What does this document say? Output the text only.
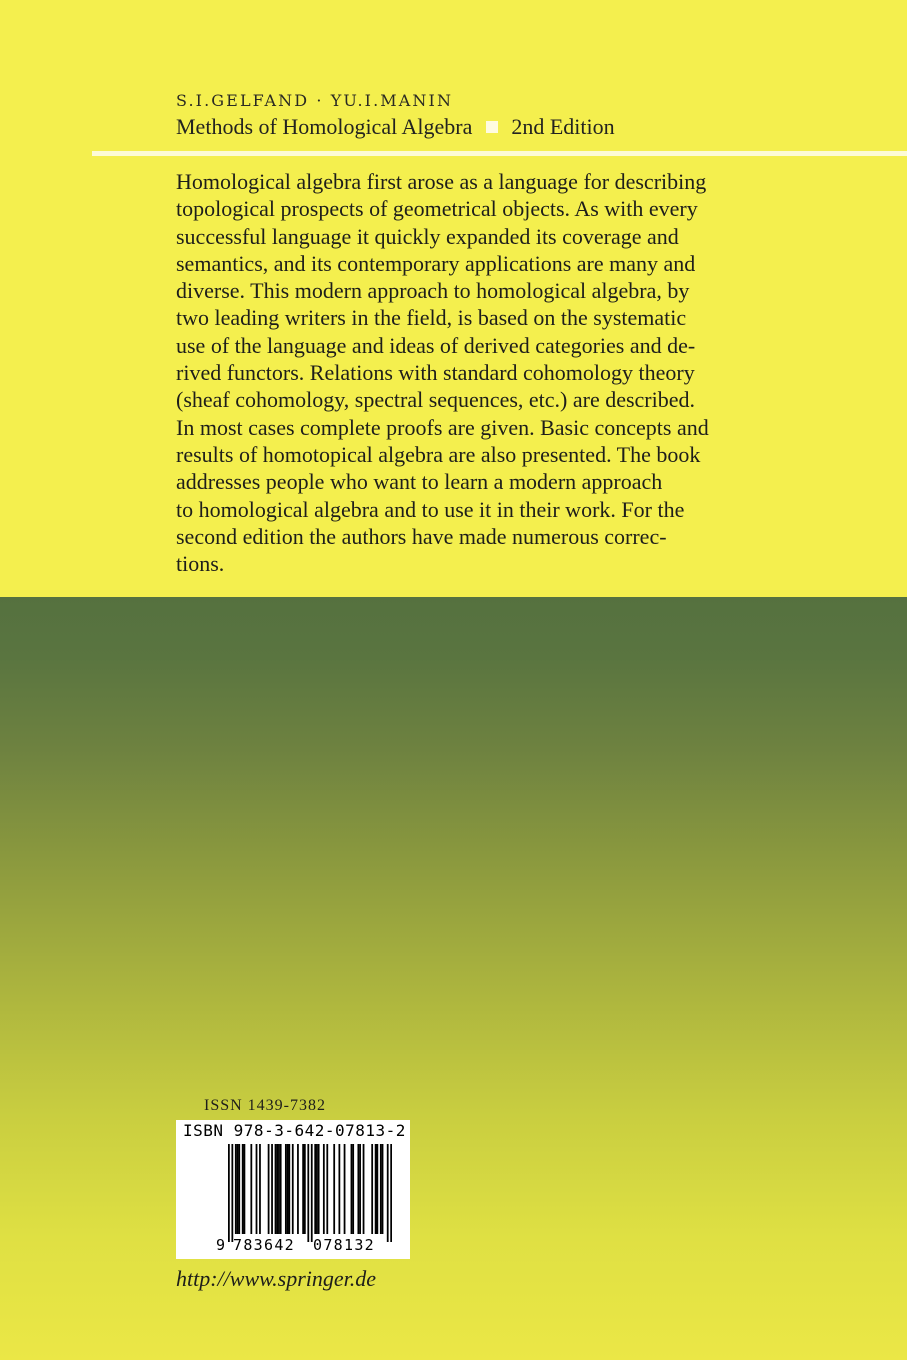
S.I.GELFAND · YU.I.MANIN
Methods of Homological Algebra 2nd Edition
Homological algebra first arose as a language for describing
topological prospects of geometrical objects. As with every
successful language it quickly expanded its coverage and
semantics, and its contemporary applications are many and
diverse. This modern approach to homological algebra, by
two leading writers in the field, is based on the systematic
use of the language and ideas of derived categories and de-
rived functors. Relations with standard cohomology theory
(sheaf cohomology, spectral sequences, etc.) are described.
In most cases complete proofs are given. Basic concepts and
results of homotopical algebra are also presented. The book
addresses people who want to learn a modern approach
to homological algebra and to use it in their work. For the
second edition the authors have made numerous correc-
tions.
ISSN 1439-7382
ISBN 978-3-642-07813-2
9 783642 078132
http://www.springer.de
